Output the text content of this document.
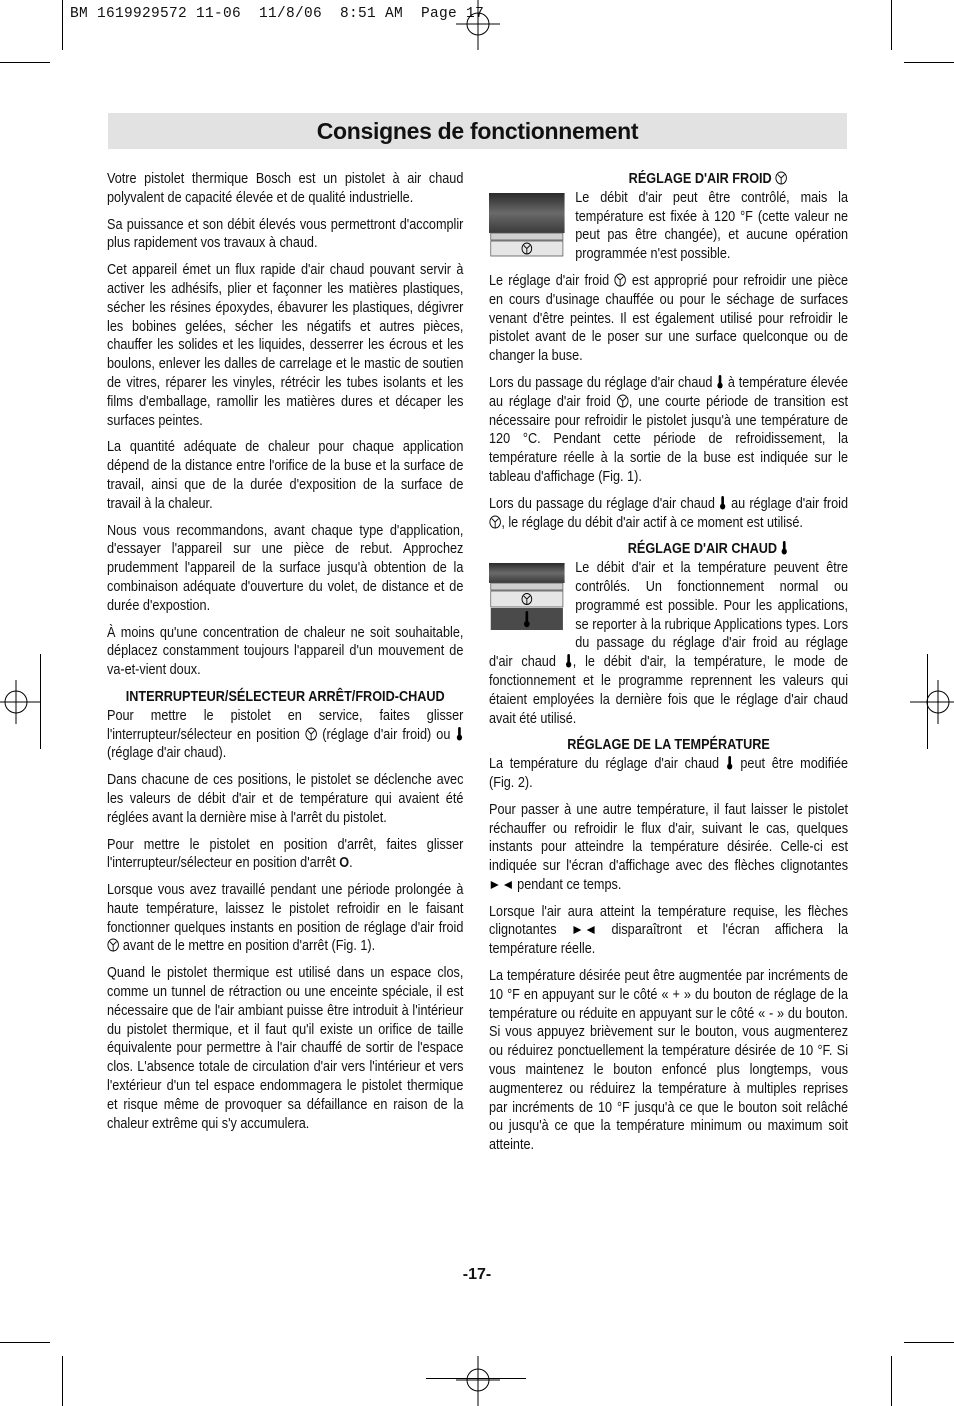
BM 1619929572 11-06  11/8/06  8:51 AM  Page 17
Consignes de fonctionnement

Votre pistolet thermique Bosch est un pistolet à air chaud polyvalent de capacité élevée et de qualité industrielle.

Sa puissance et son débit élevés vous permettront d'accomplir plus rapidement vos travaux à chaud.

Cet appareil émet un flux rapide d'air chaud pouvant servir à activer les adhésifs, plier et façonner les matières plastiques, sécher les résines époxydes, ébavurer les plastiques, dégivrer les bobines gelées, sécher les négatifs et autres pièces, chauffer les solides et les liquides, desserrer les écrous et les boulons, enlever les dalles de carrelage et le mastic de soutien de vitres, réparer les vinyles, rétrécir les tubes isolants et les films d'emballage, ramollir les matières dures et décaper les surfaces peintes.

La quantité adéquate de chaleur pour chaque application dépend de la distance entre l'orifice de la buse et la surface de travail, ainsi que de la durée d'exposition de la surface de travail à la chaleur.

Nous vous recommandons, avant chaque type d'application, d'essayer l'appareil sur une pièce de rebut. Approchez prudemment l'appareil de la surface jusqu'à obtention de la combinaison adéquate d'ouverture du volet, de distance et de durée d'expostion.

À moins qu'une concentration de chaleur ne soit souhaitable, déplacez constamment toujours l'appareil d'un mouvement de va-et-vient doux.

INTERRUPTEUR/SÉLECTEUR ARRÊT/FROID-CHAUD

Pour mettre le pistolet en service, faites glisser l'interrupteur/sélecteur en position (réglage d'air froid) ou  (réglage d'air chaud).

Dans chacune de ces positions, le pistolet se déclenche avec les valeurs de débit d'air et de température qui avaient été réglées avant la dernière mise à l'arrêt du pistolet.

Pour mettre le pistolet en position d'arrêt, faites glisser l'interrupteur/sélecteur en position d'arrêt O.

Lorsque vous avez travaillé pendant une période prolongée à haute température, laissez le pistolet refroidir en le faisant fonctionner quelques instants en position de réglage d'air froid  avant de le mettre en position d'arrêt (Fig. 1).

Quand le pistolet thermique est utilisé dans un espace clos, comme un tunnel de rétraction ou une enceinte spéciale, il est nécessaire que de l'air ambiant puisse être introduit à l'intérieur du pistolet thermique, et il faut qu'il existe un orifice de taille équivalente pour permettre à l'air chauffé de sortir de l'espace clos. L'absence totale de circulation d'air vers l'intérieur et vers l'extérieur d'un tel espace endommagera le pistolet thermique et risque même de provoquer sa défaillance en raison de la chaleur extrême qui s'y accumulera.

RÉGLAGE D'AIR FROID

Le débit d'air peut être contrôlé, mais la température est fixée à 120 °F (cette valeur ne peut pas être changée), et aucune opération programmée n'est possible.

Le réglage d'air froid est approprié pour refroidir une pièce en cours d'usinage chauffée ou pour le séchage de surfaces venant d'être peintes. Il est également utilisé pour refroidir le pistolet avant de le poser sur une surface quelconque ou de changer la buse.

Lors du passage du réglage d'air chaud à température élevée au réglage d'air froid , une courte période de transition est nécessaire pour refroidir le pistolet jusqu'à une température de 120 °C. Pendant cette période de refroidissement, la température réelle à la sortie de la buse est indiquée sur le tableau d'affichage (Fig. 1).

Lors du passage du réglage d'air chaud au réglage d'air froid , le réglage du débit d'air actif à ce moment est utilisé.

RÉGLAGE D'AIR CHAUD

Le débit d'air et la température peuvent être contrôlés. Un fonctionnement normal ou programmé est possible. Pour les applications, se reporter à la rubrique Applications types. Lors du passage du réglage d'air froid au réglage d'air chaud , le débit d'air, la température, le mode de fonctionnement et le programme reprennent les valeurs qui étaient employées la dernière fois que le réglage d'air chaud avait été utilisé.

RÉGLAGE DE LA TEMPÉRATURE

La température du réglage d'air chaud peut être modifiée (Fig. 2).

Pour passer à une autre température, il faut laisser le pistolet réchauffer ou refroidir le flux d'air, suivant le cas, quelques instants pour atteindre la température désirée. Celle-ci est indiquée sur l'écran d'affichage avec des flèches clignotantes  pendant ce temps.

Lorsque l'air aura atteint la température requise, les flèches clignotantes	disparaîtront et l'écran affichera la température réelle.

La température désirée peut être augmentée par incréments de 10 °F en appuyant sur le côté « + » du bouton de réglage de la température ou réduite en appuyant sur le côté « - » du bouton. Si vous appuyez brièvement sur le bouton, vous augmenterez ou réduirez ponctuellement la température désirée de 10 °F. Si vous maintenez le bouton enfoncé plus longtemps, vous augmenterez ou réduirez la température à multiples reprises par incréments de 10 °F jusqu'à ce que le bouton soit relâché ou jusqu'à ce que la température minimum ou maximum soit atteinte.

-17-
